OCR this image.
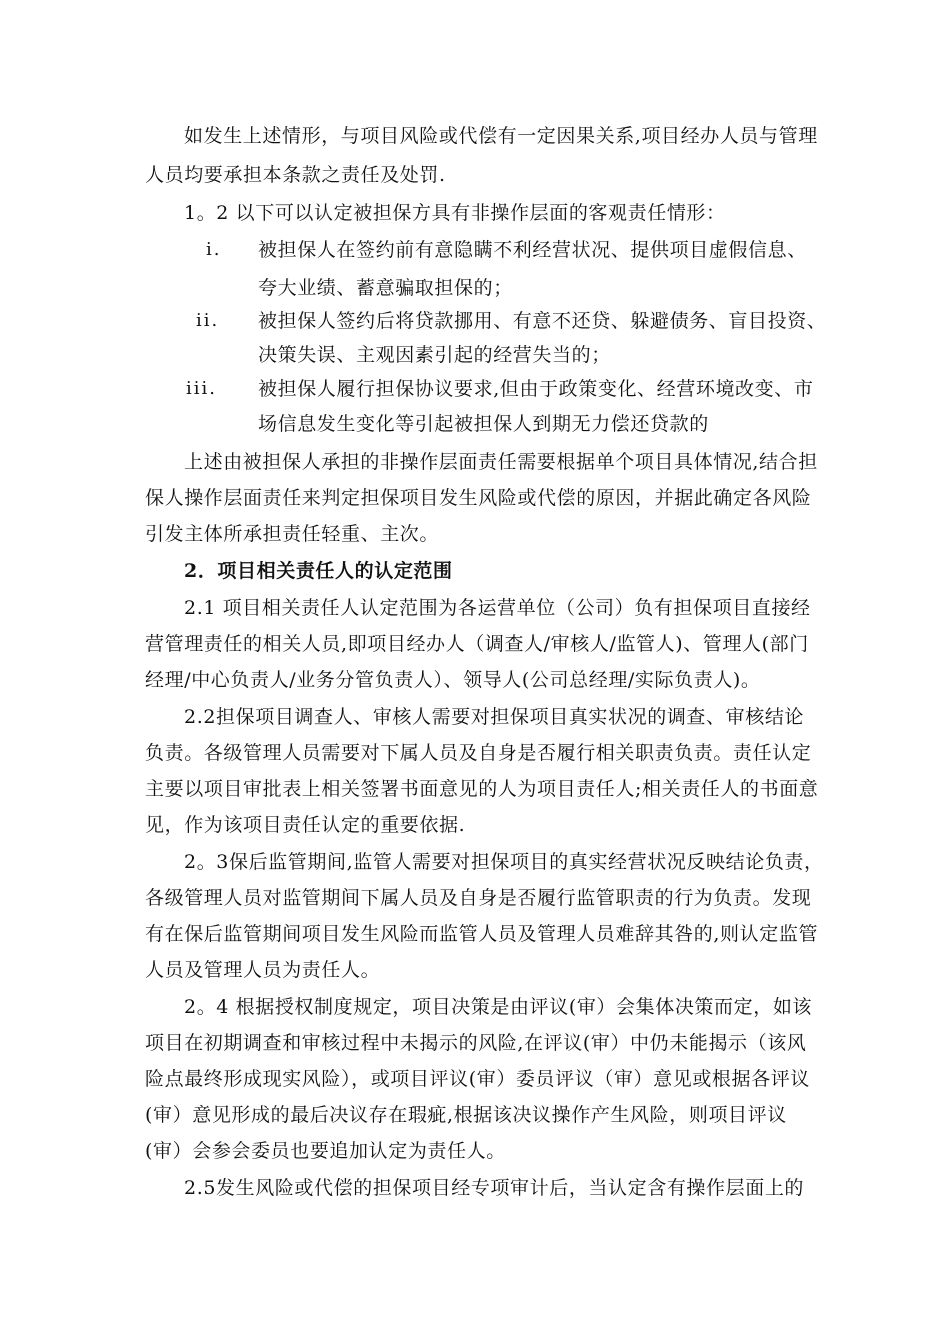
如发生上述情形，与项目风险或代偿有一定因果关系,项目经办人员与管理
人员均要承担本条款之责任及处罚.
1。2 以下可以认定被担保方具有非操作层面的客观责任情形：
i. 被担保人在签约前有意隐瞒不利经营状况、提供项目虚假信息、
夸大业绩、蓄意骗取担保的；
ii. 被担保人签约后将贷款挪用、有意不还贷、躲避债务、盲目投资、
决策失误、主观因素引起的经营失当的；
iii. 被担保人履行担保协议要求,但由于政策变化、经营环境改变、市
场信息发生变化等引起被担保人到期无力偿还贷款的
上述由被担保人承担的非操作层面责任需要根据单个项目具体情况,结合担
保人操作层面责任来判定担保项目发生风险或代偿的原因，并据此确定各风险
引发主体所承担责任轻重、主次。
2．项目相关责任人的认定范围
2.1 项目相关责任人认定范围为各运营单位（公司）负有担保项目直接经
营管理责任的相关人员,即项目经办人（调查人/审核人/监管人)、管理人(部门
经理/中心负责人/业务分管负责人）、领导人(公司总经理/实际负责人)。
2.2担保项目调查人、审核人需要对担保项目真实状况的调查、审核结论
负责。各级管理人员需要对下属人员及自身是否履行相关职责负责。责任认定
主要以项目审批表上相关签署书面意见的人为项目责任人;相关责任人的书面意
见，作为该项目责任认定的重要依据.
2。3保后监管期间,监管人需要对担保项目的真实经营状况反映结论负责，
各级管理人员对监管期间下属人员及自身是否履行监管职责的行为负责。发现
有在保后监管期间项目发生风险而监管人员及管理人员难辞其咎的,则认定监管
人员及管理人员为责任人。
2。4 根据授权制度规定，项目决策是由评议(审）会集体决策而定，如该
项目在初期调查和审核过程中未揭示的风险,在评议(审）中仍未能揭示（该风
险点最终形成现实风险），或项目评议(审）委员评议（审）意见或根据各评议
(审）意见形成的最后决议存在瑕疵,根据该决议操作产生风险，则项目评议
(审）会参会委员也要追加认定为责任人。
2.5发生风险或代偿的担保项目经专项审计后，当认定含有操作层面上的
